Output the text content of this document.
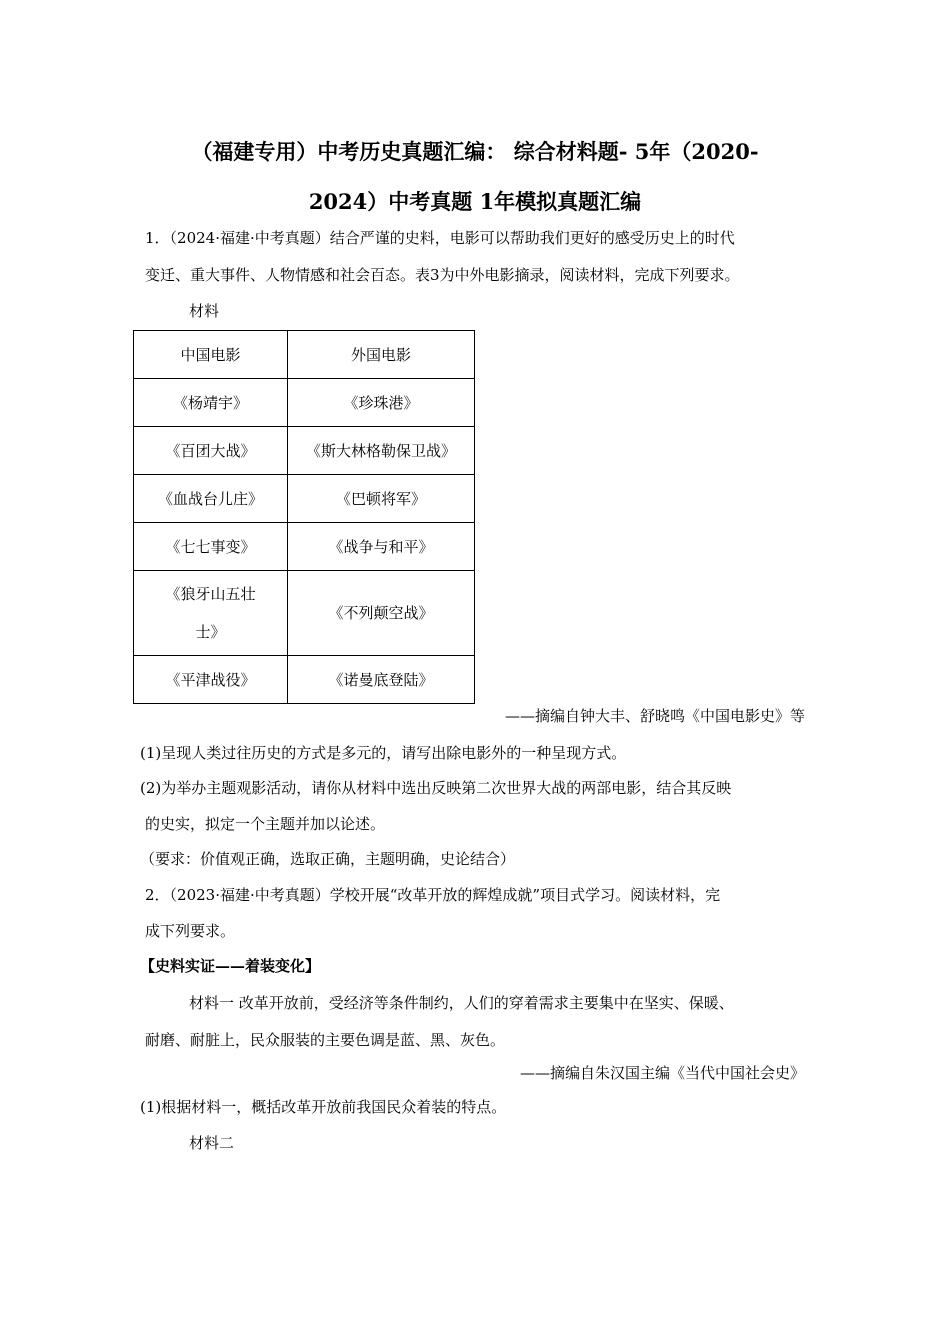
（福建专用）中考历史真题汇编： 综合材料题- 5年（2020-
2024）中考真题 1年模拟真题汇编
1．（2024·福建·中考真题）结合严谨的史料，电影可以帮助我们更好的感受历史上的时代
变迁、重大事件、人物情感和社会百态。表3为中外电影摘录，阅读材料，完成下列要求。
材料
中国电影	外国电影
《杨靖宇》	《珍珠港》
《百团大战》	《斯大林格勒保卫战》
《血战台儿庄》	《巴顿将军》
《七七事变》	《战争与和平》
《狼牙山五壮士》	《不列颠空战》
《平津战役》	《诺曼底登陆》
——摘编自钟大丰、舒晓鸣《中国电影史》等
(1)呈现人类过往历史的方式是多元的，请写出除电影外的一种呈现方式。
(2)为举办主题观影活动，请你从材料中选出反映第二次世界大战的两部电影，结合其反映
的史实，拟定一个主题并加以论述。
（要求：价值观正确，选取正确，主题明确，史论结合）
2．（2023·福建·中考真题）学校开展“改革开放的辉煌成就”项目式学习。阅读材料，完
成下列要求。
【史料实证——着装变化】
材料一 改革开放前，受经济等条件制约，人们的穿着需求主要集中在坚实、保暖、
耐磨、耐脏上，民众服装的主要色调是蓝、黑、灰色。
——摘编自朱汉国主编《当代中国社会史》
(1)根据材料一，概括改革开放前我国民众着装的特点。
材料二
